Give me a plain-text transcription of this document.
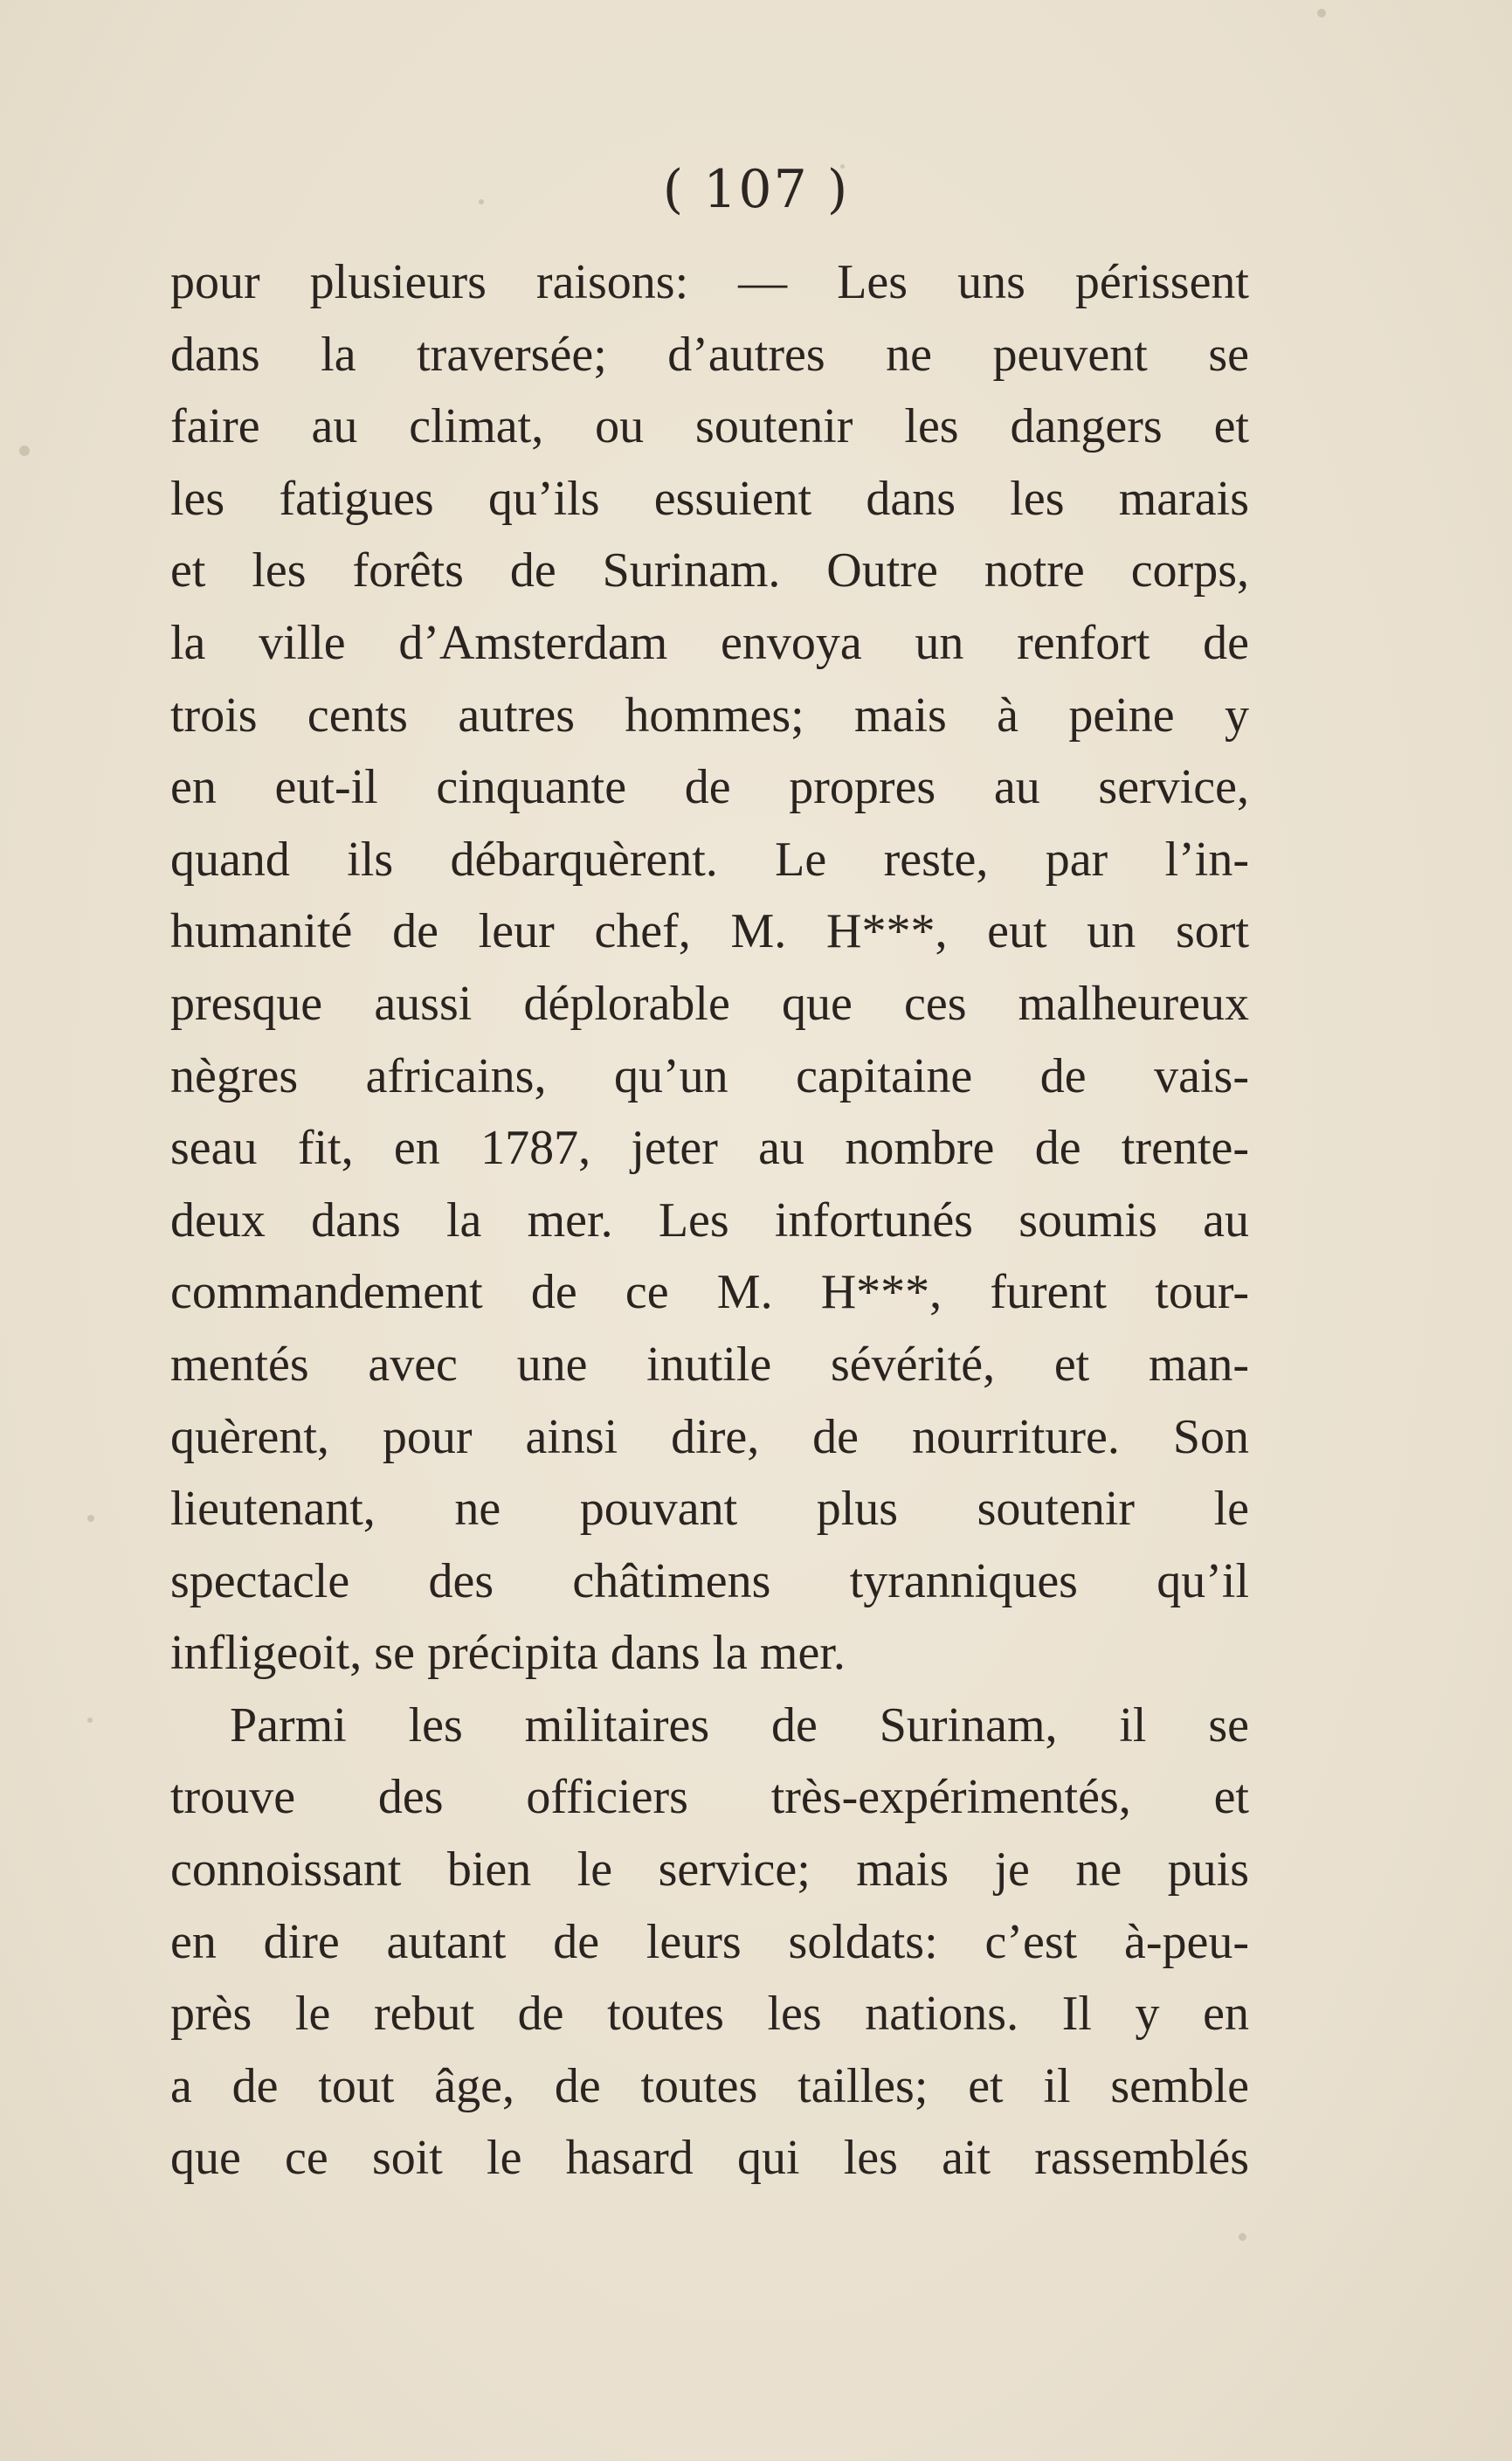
( 107 )
pour plusieurs raisons: — Les uns périssent
dans la traversée; d’autres ne peuvent se
faire au climat, ou soutenir les dangers et
les fatigues qu’ils essuient dans les marais
et les forêts de Surinam. Outre notre corps,
la ville d’Amsterdam envoya un renfort de
trois cents autres hommes; mais à peine y
en eut-il cinquante de propres au service,
quand ils débarquèrent. Le reste, par l’in-
humanité de leur chef, M. H***, eut un sort
presque aussi déplorable que ces malheureux
nègres africains, qu’un capitaine de vais-
seau fit, en 1787, jeter au nombre de trente-
deux dans la mer. Les infortunés soumis au
commandement de ce M. H***, furent tour-
mentés avec une inutile sévérité, et man-
quèrent, pour ainsi dire, de nourriture. Son
lieutenant, ne pouvant plus soutenir le
spectacle des châtimens tyranniques qu’il
infligeoit, se précipita dans la mer.
Parmi les militaires de Surinam, il se
trouve des officiers très-expérimentés, et
connoissant bien le service; mais je ne puis
en dire autant de leurs soldats: c’est à-peu-
près le rebut de toutes les nations. Il y en
a de tout âge, de toutes tailles; et il semble
que ce soit le hasard qui les ait rassemblés
